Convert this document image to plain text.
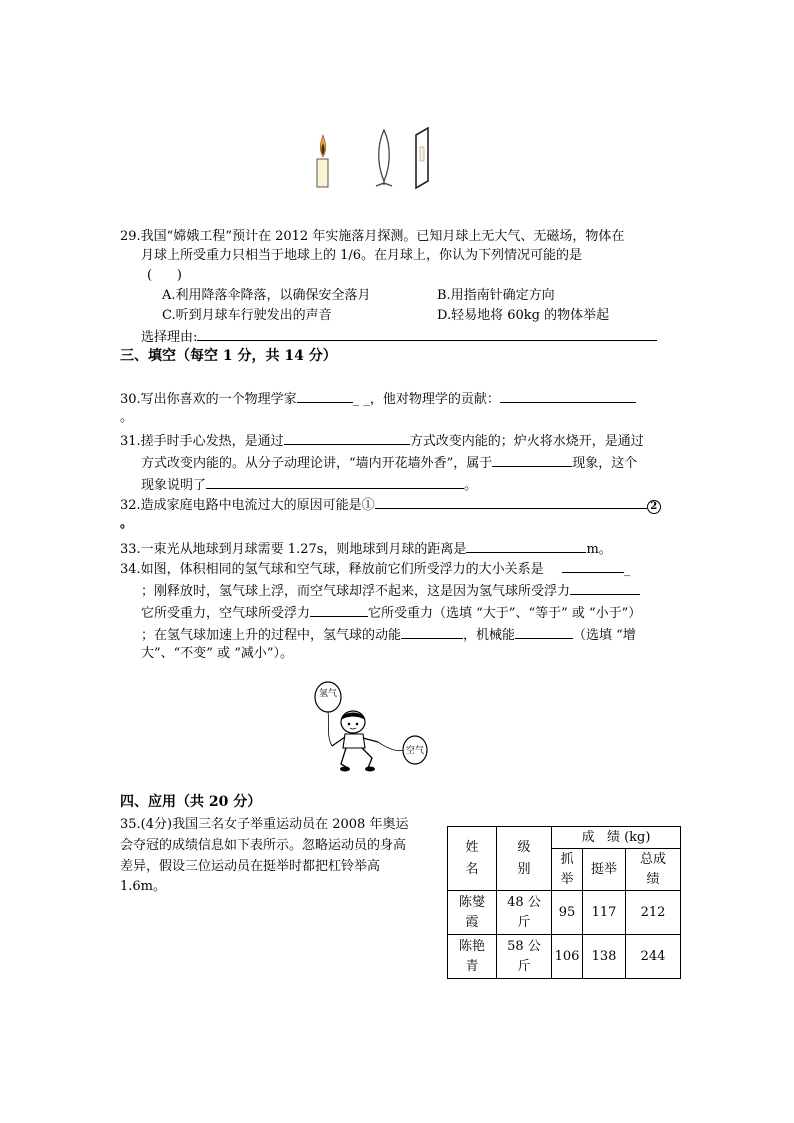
29.我国“嫦娥工程”预计在 2012 年实施落月探测。已知月球上无大气、无磁场，物体在
月球上所受重力只相当于地球上的 1/6。在月球上，你认为下列情况可能的是
(      )
A.利用降落伞降落，以确保安全落月	B.用指南针确定方向
C.听到月球车行驶发出的声音	D.轻易地将 60kg 的物体举起
选择理由:
三、填空（每空 1 分，共 14 分）
30.写出你喜欢的一个物理学家	_ _，他对物理学的贡献：
。
31.搓手时手心发热，是通过	方式改变内能的；炉火将水烧开，是通过
方式改变内能的。从分子动理论讲，“墙内开花墙外香”，属于	现象，这个
现象说明了	。
32.造成家庭电路中电流过大的原因可能是①	2
。
33.一束光从地球到月球需要 1.27s，则地球到月球的距离是	m。
34.如图，体积相同的氢气球和空气球，释放前它们所受浮力的大小关系是	_
；刚释放时，氢气球上浮，而空气球却浮不起来，这是因为氢气球所受浮力
它所受重力，空气球所受浮力	它所受重力（选填 “大于”、“等于” 或 “小于”）
；在氢气球加速上升的过程中，氢气球的动能	，机械能	（选填 “增
大”、“不变” 或 “减小”）。
氢气
空气
四、应用（共 20 分）
35.(4分)我国三名女子举重运动员在 2008 年奥运
会夺冠的成绩信息如下表所示。忽略运动员的身高
差异，假设三位运动员在挺举时都把杠铃举高
1.6m。
姓名	级别	成   绩 (kg)		

		抓举	挺举	总成绩

陈燮霞	48 公斤	95	117	212

陈艳青	58 公斤	106	138	244
